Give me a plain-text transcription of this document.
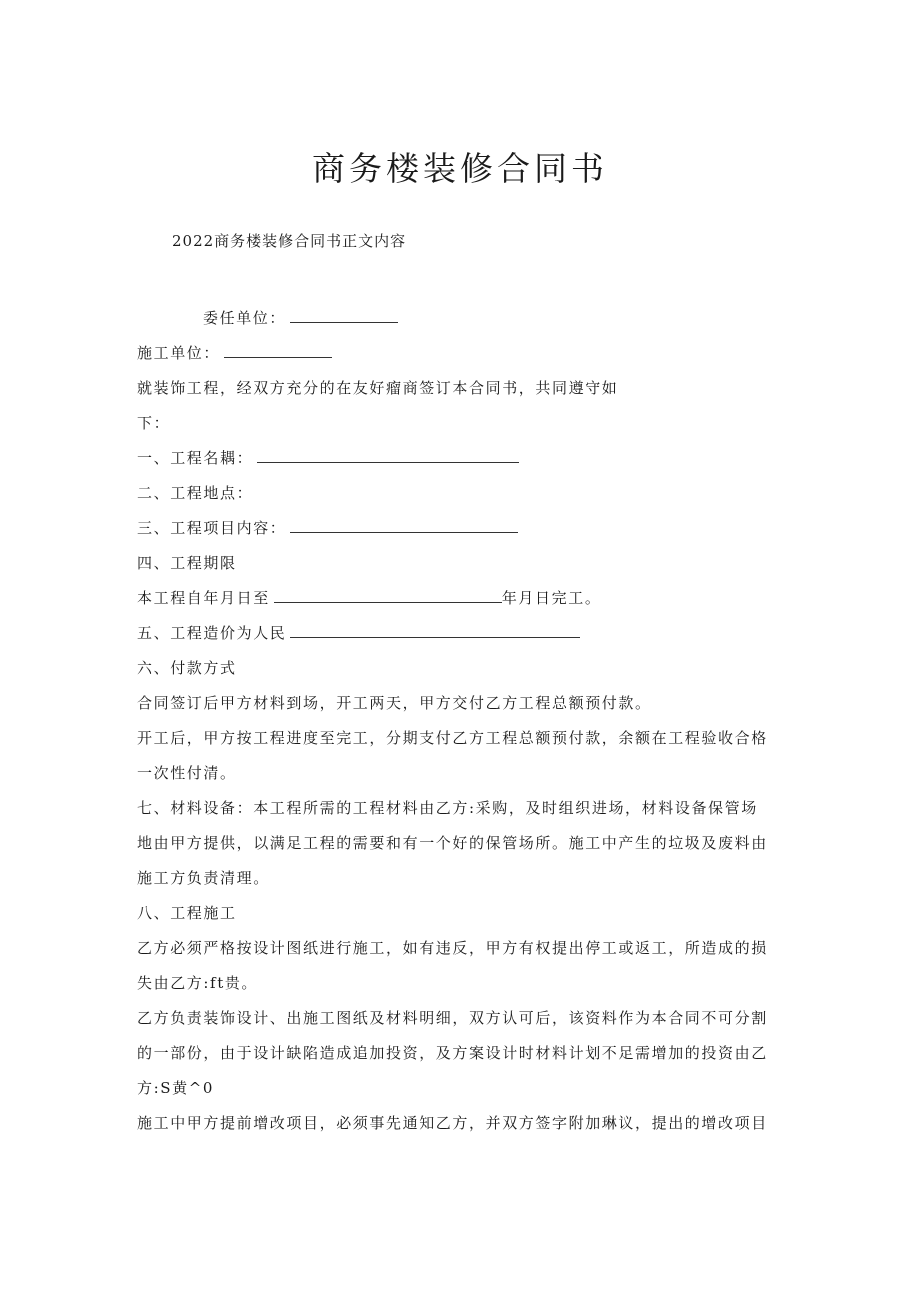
商务楼装修合同书
2022商务楼装修合同书正文内容
委任单位：
施工单位：
就装饰工程，经双方充分的在友好瘤商签订本合同书，共同遵守如
下：
一、工程名耦：
二、工程地点：
三、工程项目内容：
四、工程期限
本工程自年月日至	年月日完工。
五、工程造价为人民
六、付款方式
合同签订后甲方材料到场，开工两天，甲方交付乙方工程总额预付款。
开工后，甲方按工程进度至完工，分期支付乙方工程总额预付款，余额在工程验收合格
一次性付清。
七、材料设备：本工程所需的工程材料由乙方:采购，及时组织进场，材料设备保管场
地由甲方提供，以满足工程的需要和有一个好的保管场所。施工中产生的垃圾及废料由
施工方负责清理。
八、工程施工
乙方必须严格按设计图纸进行施工，如有违反，甲方有权提出停工或返工，所造成的损
失由乙方:ft贵。
乙方负责装饰设计、出施工图纸及材料明细，双方认可后，该资料作为本合同不可分割
的一部份，由于设计缺陷造成追加投资，及方案设计时材料计划不足需增加的投资由乙
方:S黄^0
施工中甲方提前增改项目，必须事先通知乙方，并双方签字附加琳议，提出的增改项目
